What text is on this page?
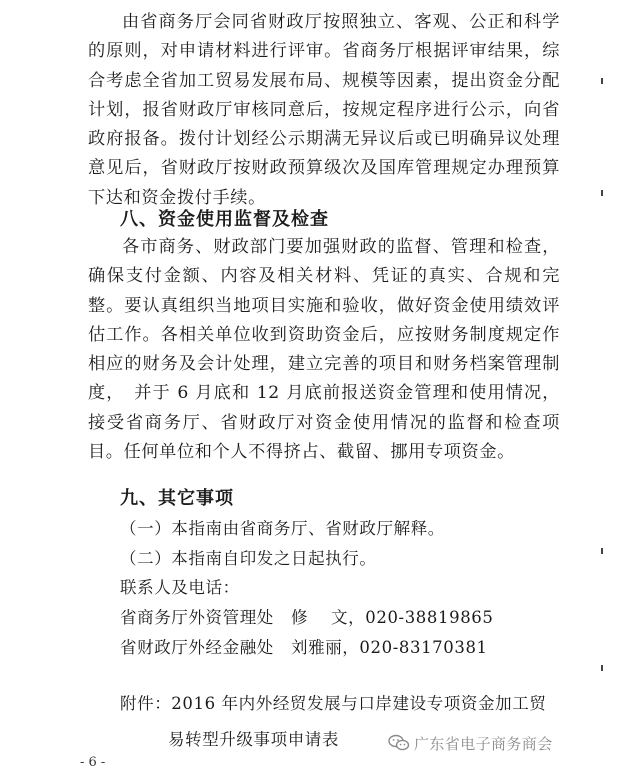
由省商务厅会同省财政厅按照独立、客观、公正和科学的原则，对申请材料进行评审。省商务厅根据评审结果，综合考虑全省加工贸易发展布局、规模等因素，提出资金分配计划，报省财政厅审核同意后，按规定程序进行公示，向省政府报备。拨付计划经公示期满无异议后或已明确异议处理意见后，省财政厅按财政预算级次及国库管理规定办理预算下达和资金拨付手续。
八、资金使用监督及检查
各市商务、财政部门要加强财政的监督、管理和检查，确保支付金额、内容及相关材料、凭证的真实、合规和完整。要认真组织当地项目实施和验收，做好资金使用绩效评估工作。各相关单位收到资助资金后，应按财务制度规定作相应的财务及会计处理，建立完善的项目和财务档案管理制度，　并于 6 月底和 12 月底前报送资金管理和使用情况，接受省商务厅、省财政厅对资金使用情况的监督和检查项目。任何单位和个人不得挤占、截留、挪用专项资金。
九、其它事项
（一）本指南由省商务厅、省财政厅解释。
（二）本指南自印发之日起执行。
联系人及电话：
省商务厅外资管理处　修　 文，020-38819865
省财政厅外经金融处　刘雅丽，020-83170381
附件：2016 年内外经贸发展与口岸建设专项资金加工贸
易转型升级事项申请表
- 6 -
广东省电子商务商会
